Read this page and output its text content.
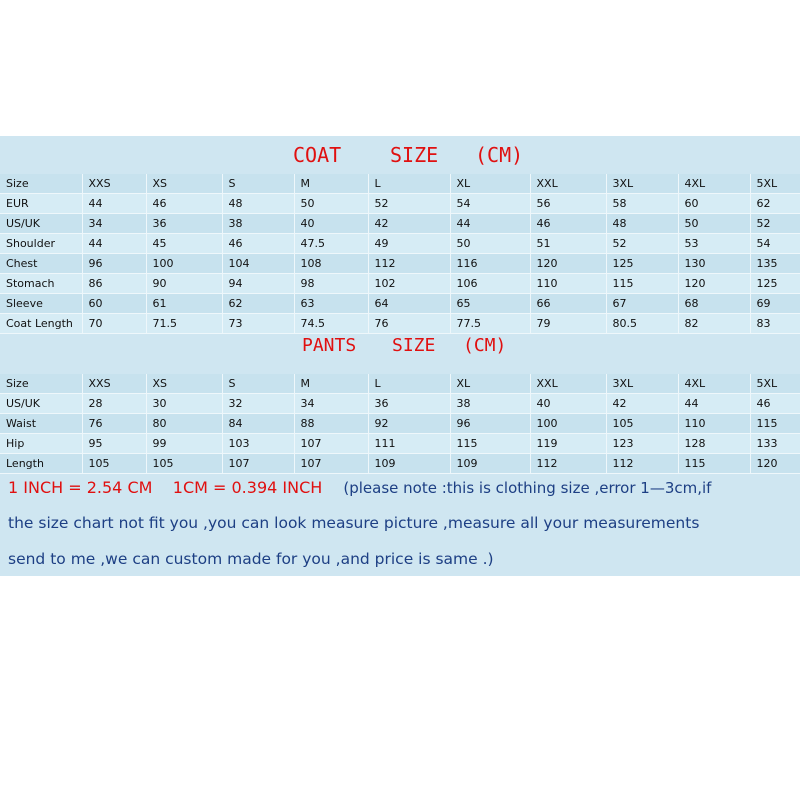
COAT SIZE (CM)
Size	XXS	XS	S	M	L	XL	XXL	3XL	4XL	5XL
EUR	44	46	48	50	52	54	56	58	60	62
US/UK	34	36	38	40	42	44	46	48	50	52
Shoulder	44	45	46	47.5	49	50	51	52	53	54
Chest	96	100	104	108	112	116	120	125	130	135
Stomach	86	90	94	98	102	106	110	115	120	125
Sleeve	60	61	62	63	64	65	66	67	68	69
Coat Length	70	71.5	73	74.5	76	77.5	79	80.5	82	83
PANTS SIZE (CM)
Size	XXS	XS	S	M	L	XL	XXL	3XL	4XL	5XL
US/UK	28	30	32	34	36	38	40	42	44	46
Waist	76	80	84	88	92	96	100	105	110	115
Hip	95	99	103	107	111	115	119	123	128	133
Length	105	105	107	107	109	109	112	112	115	120
1 INCH = 2.54 CM    1CM = 0.394 INCH (please note :this is clothing size ,error 1—3cm,if
the size chart not fit you ,you can look measure picture ,measure all your measurements
send to me ,we can custom made for you ,and price is same .)
